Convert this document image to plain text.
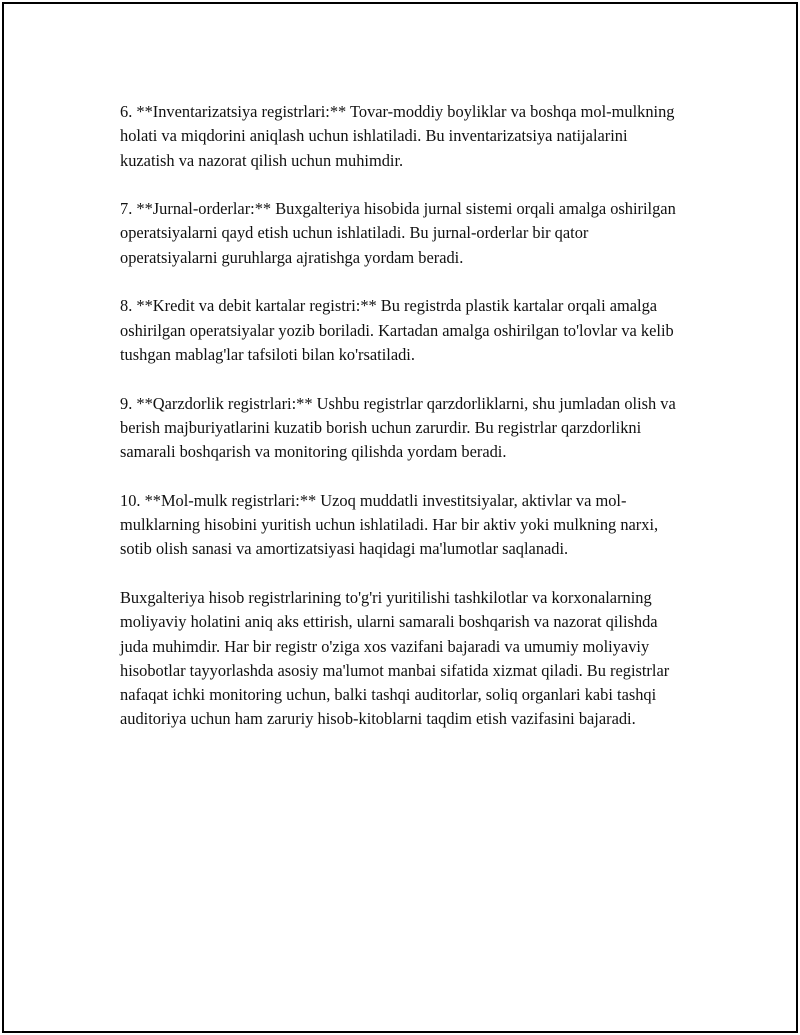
6. **Inventarizatsiya registrlari:** Tovar-moddiy boyliklar va boshqa mol-mulkning holati va miqdorini aniqlash uchun ishlatiladi. Bu inventarizatsiya natijalarini kuzatish va nazorat qilish uchun muhimdir.

7. **Jurnal-orderlar:** Buxgalteriya hisobida jurnal sistemi orqali amalga oshirilgan operatsiyalarni qayd etish uchun ishlatiladi. Bu jurnal-orderlar bir qator operatsiyalarni guruhlarga ajratishga yordam beradi.

8. **Kredit va debit kartalar registri:** Bu registrda plastik kartalar orqali amalga oshirilgan operatsiyalar yozib boriladi. Kartadan amalga oshirilgan to'lovlar va kelib tushgan mablag'lar tafsiloti bilan ko'rsatiladi.

9. **Qarzdorlik registrlari:** Ushbu registrlar qarzdorliklarni, shu jumladan olish va berish majburiyatlarini kuzatib borish uchun zarurdir. Bu registrlar qarzdorlikni samarali boshqarish va monitoring qilishda yordam beradi.

10. **Mol-mulk registrlari:** Uzoq muddatli investitsiyalar, aktivlar va mol-mulklarning hisobini yuritish uchun ishlatiladi. Har bir aktiv yoki mulkning narxi, sotib olish sanasi va amortizatsiyasi haqidagi ma'lumotlar saqlanadi.

Buxgalteriya hisob registrlarining to'g'ri yuritilishi tashkilotlar va korxonalarning moliyaviy holatini aniq aks ettirish, ularni samarali boshqarish va nazorat qilishda juda muhimdir. Har bir registr o'ziga xos vazifani bajaradi va umumiy moliyaviy hisobotlar tayyorlashda asosiy ma'lumot manbai sifatida xizmat qiladi. Bu registrlar nafaqat ichki monitoring uchun, balki tashqi auditorlar, soliq organlari kabi tashqi auditoriya uchun ham zaruriy hisob-kitoblarni taqdim etish vazifasini bajaradi.
